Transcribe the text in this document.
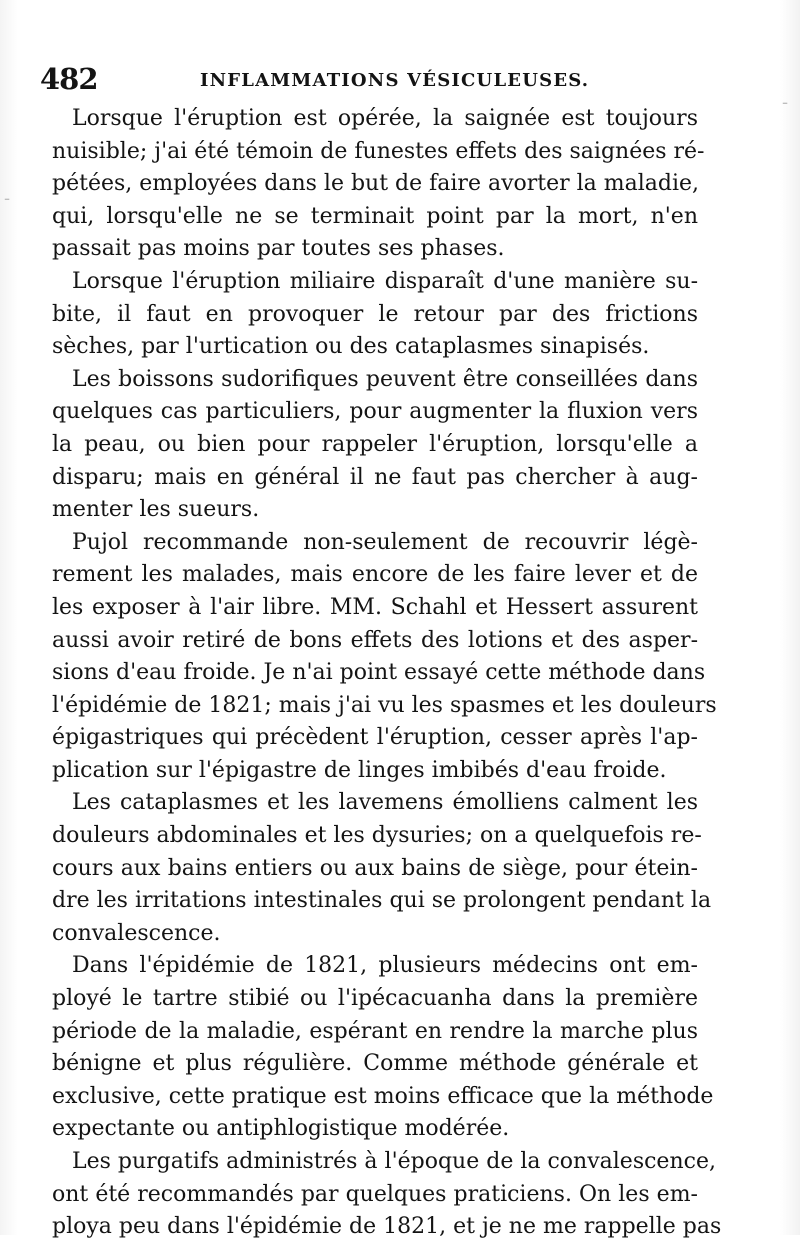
-
-
482	INFLAMMATIONS VÉSICULEUSES.
Lorsque l'éruption est opérée, la saignée est toujours
nuisible; j'ai été témoin de funestes effets des saignées ré-
pétées, employées dans le but de faire avorter la maladie,
qui, lorsqu'elle ne se terminait point par la mort, n'en
passait pas moins par toutes ses phases.
Lorsque l'éruption miliaire disparaît d'une manière su-
bite, il faut en provoquer le retour par des frictions
sèches, par l'urtication ou des cataplasmes sinapisés.
Les boissons sudorifiques peuvent être conseillées dans
quelques cas particuliers, pour augmenter la fluxion vers
la peau, ou bien pour rappeler l'éruption, lorsqu'elle a
disparu; mais en général il ne faut pas chercher à aug-
menter les sueurs.
Pujol recommande non-seulement de recouvrir légè-
rement les malades, mais encore de les faire lever et de
les exposer à l'air libre. MM. Schahl et Hessert assurent
aussi avoir retiré de bons effets des lotions et des asper-
sions d'eau froide. Je n'ai point essayé cette méthode dans
l'épidémie de 1821; mais j'ai vu les spasmes et les douleurs
épigastriques qui précèdent l'éruption, cesser après l'ap-
plication sur l'épigastre de linges imbibés d'eau froide.
Les cataplasmes et les lavemens émolliens calment les
douleurs abdominales et les dysuries; on a quelquefois re-
cours aux bains entiers ou aux bains de siège, pour étein-
dre les irritations intestinales qui se prolongent pendant la
convalescence.
Dans l'épidémie de 1821, plusieurs médecins ont em-
ployé le tartre stibié ou l'ipécacuanha dans la première
période de la maladie, espérant en rendre la marche plus
bénigne et plus régulière. Comme méthode générale et
exclusive, cette pratique est moins efficace que la méthode
expectante ou antiphlogistique modérée.
Les purgatifs administrés à l'époque de la convalescence,
ont été recommandés par quelques praticiens. On les em-
ploya peu dans l'épidémie de 1821, et je ne me rappelle pas
